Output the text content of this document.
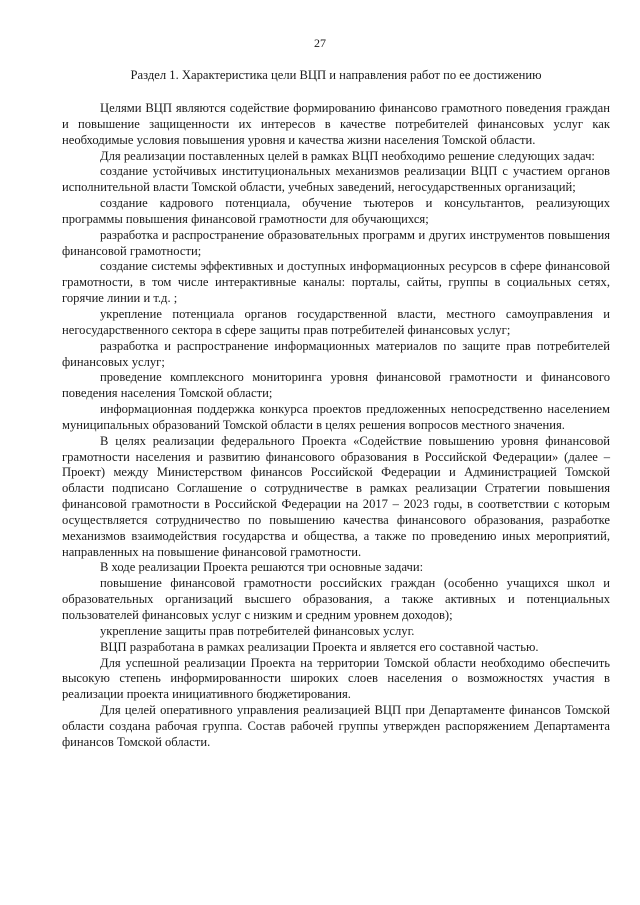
27
Раздел 1. Характеристика цели ВЦП и направления работ по ее достижению

Целями ВЦП являются содействие формированию финансово грамотного поведения граждан и повышение защищенности их интересов в качестве потребителей финансовых услуг как необходимые условия повышения уровня и качества жизни населения Томской области.

Для реализации поставленных целей в рамках ВЦП необходимо решение следующих задач:

создание устойчивых институциональных механизмов реализации ВЦП с участием органов исполнительной власти Томской области, учебных заведений, негосударственных организаций;

создание кадрового потенциала, обучение тьютеров и консультантов, реализующих программы повышения финансовой грамотности для обучающихся;

разработка и распространение образовательных программ и других инструментов повышения финансовой грамотности;

создание системы эффективных и доступных информационных ресурсов в сфере финансовой грамотности, в том числе интерактивные каналы: порталы, сайты, группы в социальных сетях, горячие линии и т.д. ;

укрепление потенциала органов государственной власти, местного самоуправления и негосударственного сектора в сфере защиты прав потребителей финансовых услуг;

разработка и распространение информационных материалов по защите прав потребителей финансовых услуг;

проведение комплексного мониторинга уровня финансовой грамотности и финансового поведения населения Томской области;

информационная поддержка конкурса проектов предложенных непосредственно населением муниципальных образований Томской области в целях решения вопросов местного значения.

В целях реализации федерального Проекта «Содействие повышению уровня финансовой грамотности населения и развитию финансового образования в Российской Федерации» (далее – Проект) между Министерством финансов Российской Федерации и Администрацией Томской области подписано Соглашение о сотрудничестве в рамках реализации Стратегии повышения финансовой грамотности в Российской Федерации на 2017 – 2023 годы, в соответствии с которым осуществляется сотрудничество по повышению качества финансового образования, разработке механизмов взаимодействия государства и общества, а также по проведению иных мероприятий, направленных на повышение финансовой грамотности.

В ходе реализации Проекта решаются три основные задачи:

повышение финансовой грамотности российских граждан (особенно учащихся школ и образовательных организаций высшего образования, а также активных и потенциальных пользователей финансовых услуг с низким и средним уровнем доходов);

укрепление защиты прав потребителей финансовых услуг.

ВЦП разработана в рамках реализации Проекта и является его составной частью.

Для успешной реализации Проекта на территории Томской области необходимо обеспечить высокую степень информированности широких слоев населения о возможностях участия в реализации проекта инициативного бюджетирования.

Для целей оперативного управления реализацией ВЦП при Департаменте финансов Томской области создана рабочая группа. Состав рабочей группы утвержден распоряжением Департамента финансов Томской области.
